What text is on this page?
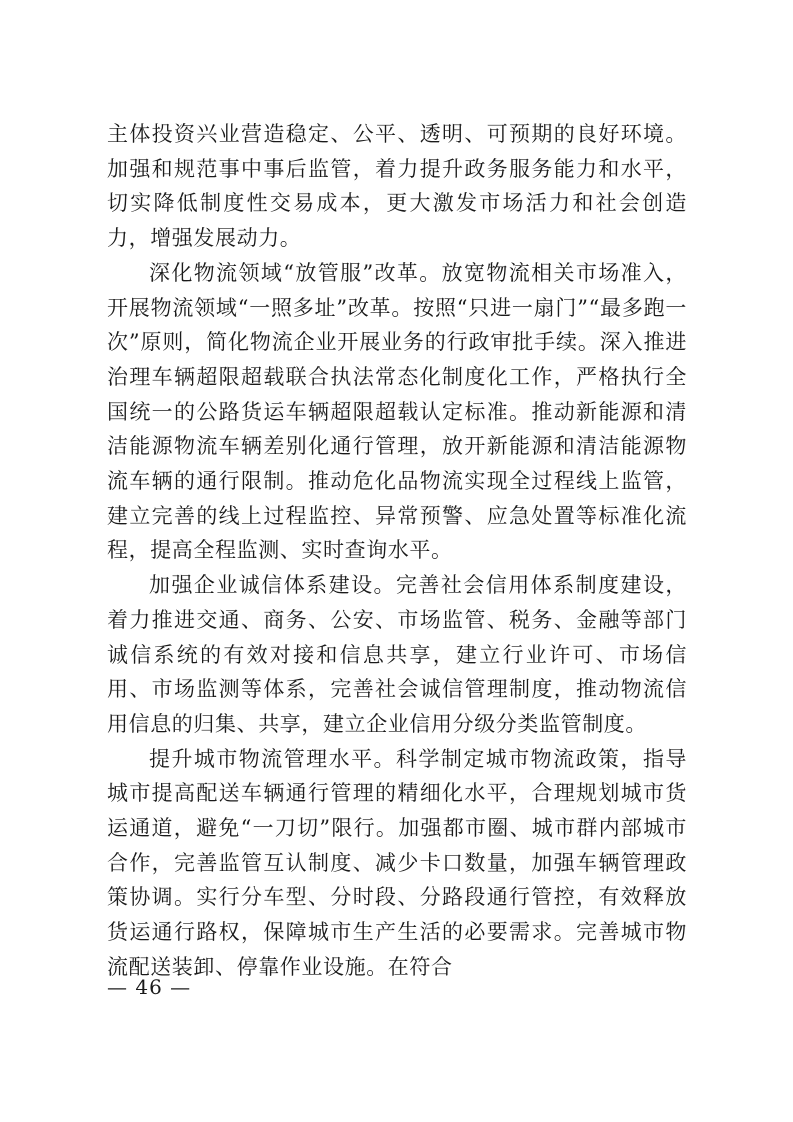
主体投资兴业营造稳定、公平、透明、可预期的良好环境。加强和规范事中事后监管，着力提升政务服务能力和水平，切实降低制度性交易成本，更大激发市场活力和社会创造力，增强发展动力。

深化物流领域“放管服”改革。放宽物流相关市场准入，开展物流领域“一照多址”改革。按照“只进一扇门”“最多跑一次”原则，简化物流企业开展业务的行政审批手续。深入推进治理车辆超限超载联合执法常态化制度化工作，严格执行全国统一的公路货运车辆超限超载认定标准。推动新能源和清洁能源物流车辆差别化通行管理，放开新能源和清洁能源物流车辆的通行限制。推动危化品物流实现全过程线上监管，建立完善的线上过程监控、异常预警、应急处置等标准化流程，提高全程监测、实时查询水平。

加强企业诚信体系建设。完善社会信用体系制度建设，着力推进交通、商务、公安、市场监管、税务、金融等部门诚信系统的有效对接和信息共享，建立行业许可、市场信用、市场监测等体系，完善社会诚信管理制度，推动物流信用信息的归集、共享，建立企业信用分级分类监管制度。

提升城市物流管理水平。科学制定城市物流政策，指导城市提高配送车辆通行管理的精细化水平，合理规划城市货运通道，避免“一刀切”限行。加强都市圈、城市群内部城市合作，完善监管互认制度、减少卡口数量，加强车辆管理政策协调。实行分车型、分时段、分路段通行管控，有效释放货运通行路权，保障城市生产生活的必要需求。完善城市物流配送装卸、停靠作业设施。在符合

— 46 —
